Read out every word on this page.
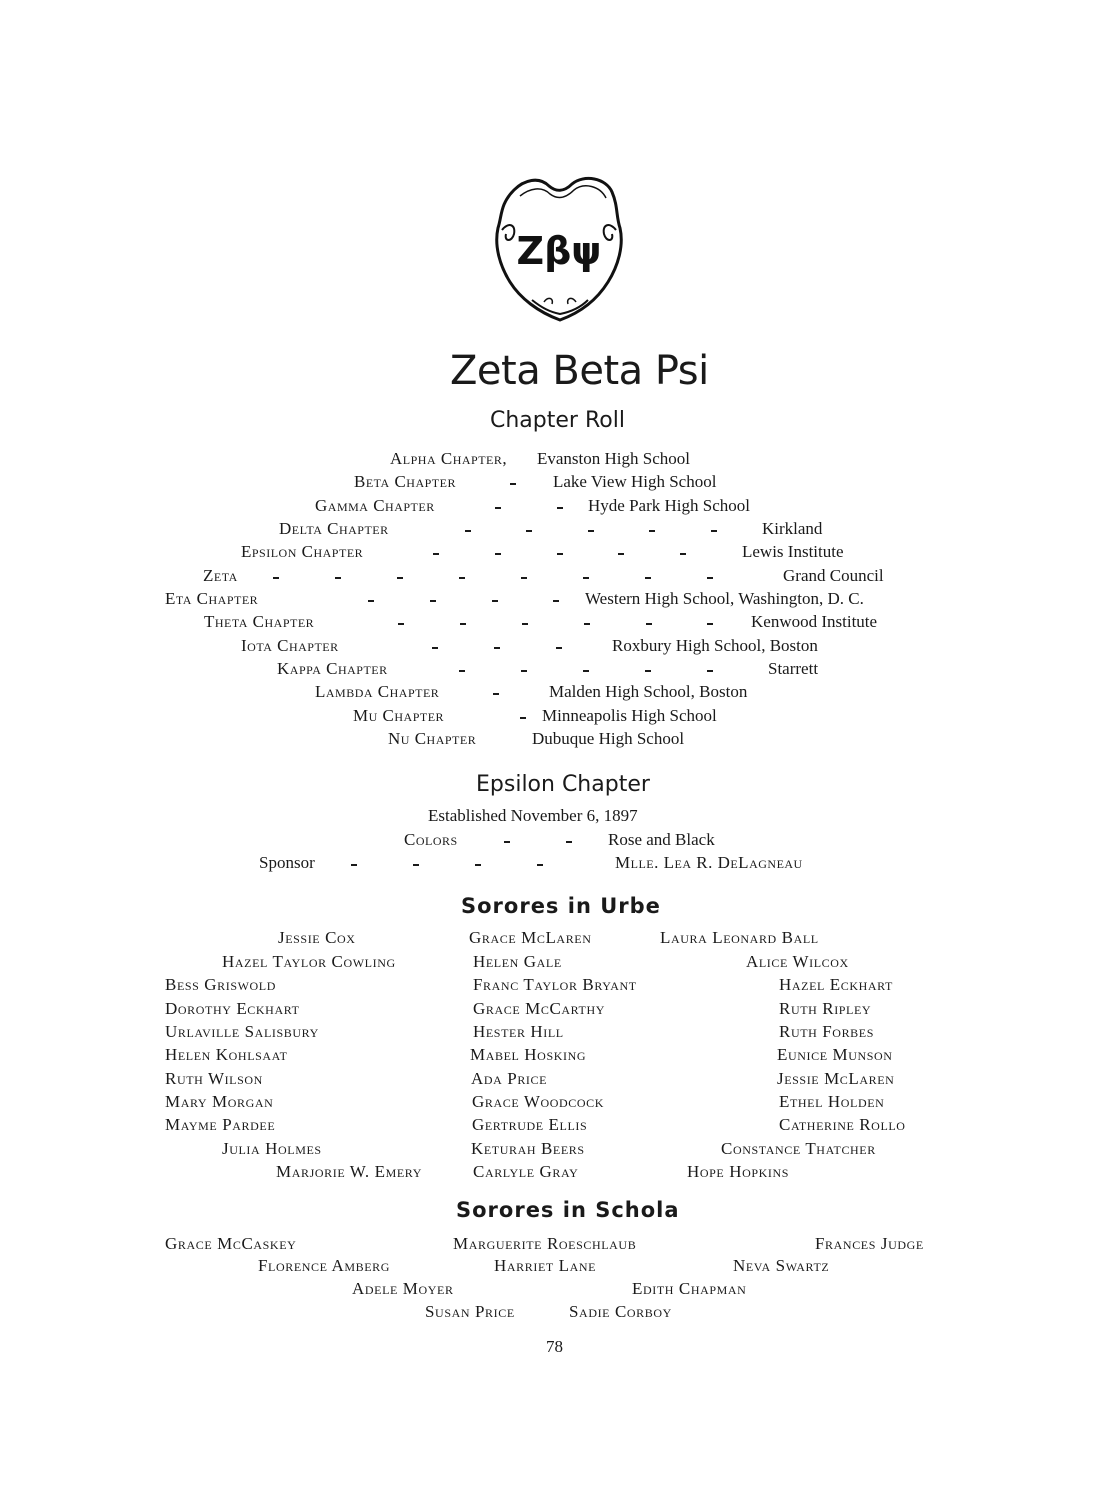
Zβψ
Zeta Beta Psi
Chapter Roll
Alpha Chapter, Evanston High School
Beta Chapter	Lake View High School
Gamma Chapter	Hyde Park High School
Delta Chapter	Kirkland
Epsilon Chapter	Lewis Institute
Zeta	Grand Council
Eta Chapter	Western High School, Washington, D. C.
Theta Chapter	Kenwood Institute
Iota Chapter	Roxbury High School, Boston
Kappa Chapter	Starrett
Lambda Chapter	Malden High School, Boston
Mu Chapter	Minneapolis High School
Nu Chapter	Dubuque High School
Epsilon Chapter
Established November 6, 1897
Colors	Rose and Black
Sponsor	Mlle. Lea R. DeLagneau
Sorores in Urbe
Jessie Cox	Grace McLaren	Laura Leonard Ball
Hazel Taylor Cowling	Helen Gale	Alice Wilcox
Bess Griswold	Franc Taylor Bryant	Hazel Eckhart
Dorothy Eckhart	Grace McCarthy	Ruth Ripley
Urlaville Salisbury	Hester Hill	Ruth Forbes
Helen Kohlsaat	Mabel Hosking	Eunice Munson
Ruth Wilson	Ada Price	Jessie McLaren
Mary Morgan	Grace Woodcock	Ethel Holden
Mayme Pardee	Gertrude Ellis	Catherine Rollo
Julia Holmes	Keturah Beers	Constance Thatcher
Marjorie W. Emery	Carlyle Gray	Hope Hopkins
Sorores in Schola
Grace McCaskey	Marguerite Roeschlaub	Frances Judge
Florence Amberg	Harriet Lane	Neva Swartz
Adele Moyer	Edith Chapman
Susan Price	Sadie Corboy
78
